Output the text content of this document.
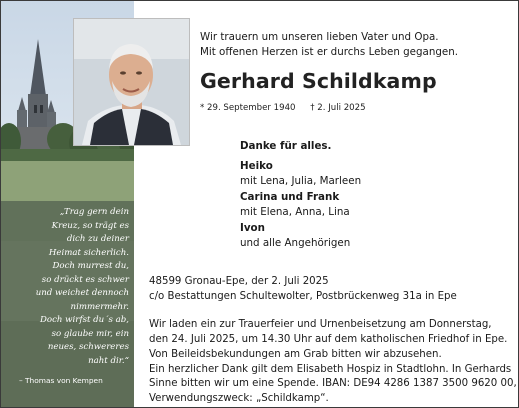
„Trag gern dein
Kreuz, so trägt es
dich zu deiner
Heimat sicherlich.
Doch murrest du,
so drückt es schwer
und weichet dennoch
nimmermehr.
Doch wirfst du´s ab,
so glaube mir, ein
neues, schwereres
naht dir.“
– Thomas von Kempen
Wir trauern um unseren lieben Vater und Opa.
Mit offenen Herzen ist er durchs Leben gegangen.
Gerhard Schildkamp
* 29. September 1940 † 2. Juli 2025
Danke für alles.
Heiko
mit Lena, Julia, Marleen
Carina und Frank
mit Elena, Anna, Lina
Ivon
und alle Angehörigen
48599 Gronau-Epe, der 2. Juli 2025
c/o Bestattungen Schultewolter, Postbrückenweg 31a in Epe
Wir laden ein zur Trauerfeier und Urnenbeisetzung am Donnerstag,
den 24. Juli 2025, um 14.30 Uhr auf dem katholischen Friedhof in Epe.
Von Beileidsbekundungen am Grab bitten wir abzusehen.
Ein herzlicher Dank gilt dem Elisabeth Hospiz in Stadtlohn. In Gerhards
Sinne bitten wir um eine Spende. IBAN: DE94 4286 1387 3500 9620 00,
Verwendungszweck: „Schildkamp“.
